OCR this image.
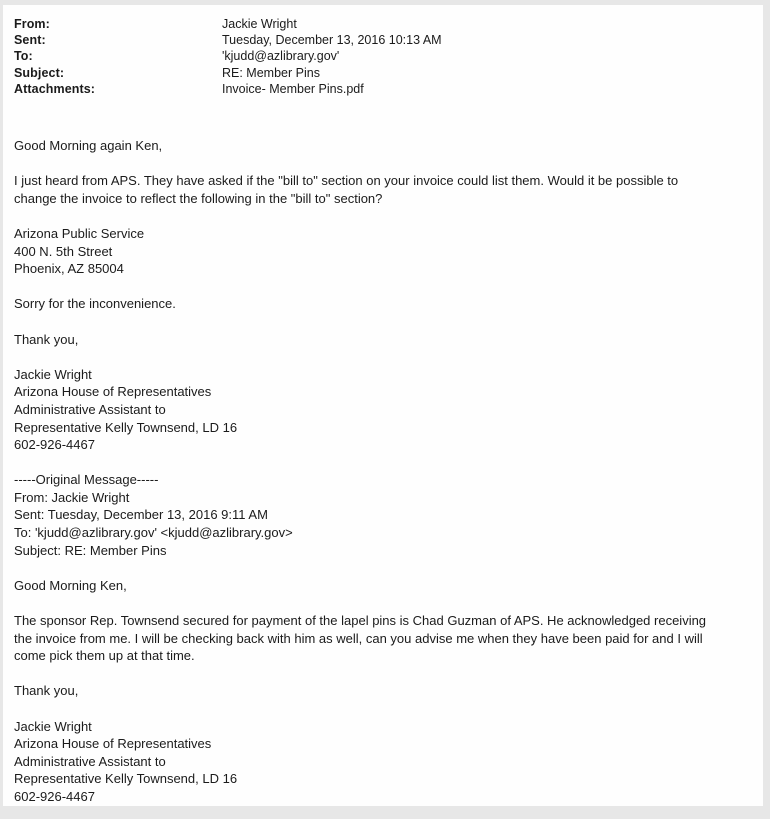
From:	Jackie Wright
Sent:	Tuesday, December 13, 2016 10:13 AM
To:	'kjudd@azlibrary.gov'
Subject:	RE: Member Pins
Attachments:	Invoice- Member Pins.pdf
Good Morning again Ken,

I just heard from APS. They have asked if the "bill to" section on your invoice could list them. Would it be possible to
change the invoice to reflect the following in the "bill to" section?

Arizona Public Service
400 N. 5th Street
Phoenix, AZ 85004

Sorry for the inconvenience.

Thank you,

Jackie Wright
Arizona House of Representatives
Administrative Assistant to
Representative Kelly Townsend, LD 16
602-926-4467

-----Original Message-----
From: Jackie Wright
Sent: Tuesday, December 13, 2016 9:11 AM
To: 'kjudd@azlibrary.gov' <kjudd@azlibrary.gov>
Subject: RE: Member Pins

Good Morning Ken,

The sponsor Rep. Townsend secured for payment of the lapel pins is Chad Guzman of APS. He acknowledged receiving
the invoice from me. I will be checking back with him as well, can you advise me when they have been paid for and I will
come pick them up at that time.

Thank you,

Jackie Wright
Arizona House of Representatives
Administrative Assistant to
Representative Kelly Townsend, LD 16
602-926-4467
